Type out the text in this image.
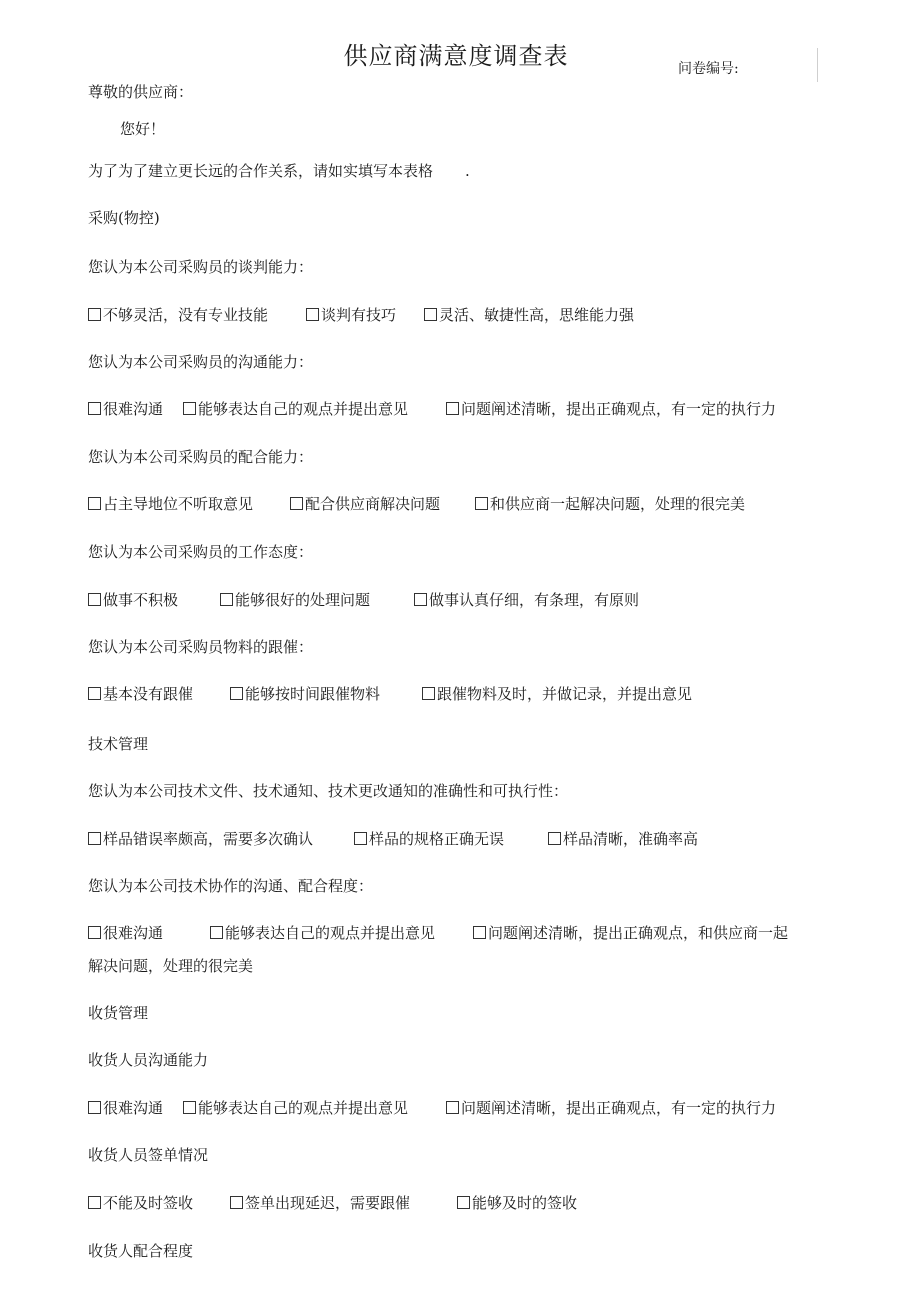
供应商满意度调查表	问卷编号:
尊敬的供应商：
您好！
为了为了建立更长远的合作关系，请如实填写本表格 .
采购(物控)
您认为本公司采购员的谈判能力：
不够灵活，没有专业技能	谈判有技巧	灵活、敏捷性高，思维能力强
您认为本公司采购员的沟通能力：
很难沟通	能够表达自己的观点并提出意见	问题阐述清晰，提出正确观点，有一定的执行力
您认为本公司采购员的配合能力：
占主导地位不听取意见	配合供应商解决问题	和供应商一起解决问题，处理的很完美
您认为本公司采购员的工作态度：
做事不积极	能够很好的处理问题	做事认真仔细，有条理，有原则
您认为本公司采购员物料的跟催：
基本没有跟催	能够按时间跟催物料	跟催物料及时，并做记录，并提出意见
技术管理
您认为本公司技术文件、技术通知、技术更改通知的准确性和可执行性：
样品错误率颇高，需要多次确认	样品的规格正确无误	样品清晰，准确率高
您认为本公司技术协作的沟通、配合程度：
很难沟通	能够表达自己的观点并提出意见	问题阐述清晰，提出正确观点，和供应商一起
解决问题，处理的很完美
收货管理
收货人员沟通能力
很难沟通	能够表达自己的观点并提出意见	问题阐述清晰，提出正确观点，有一定的执行力
收货人员签单情况
不能及时签收	签单出现延迟，需要跟催	能够及时的签收
收货人配合程度
